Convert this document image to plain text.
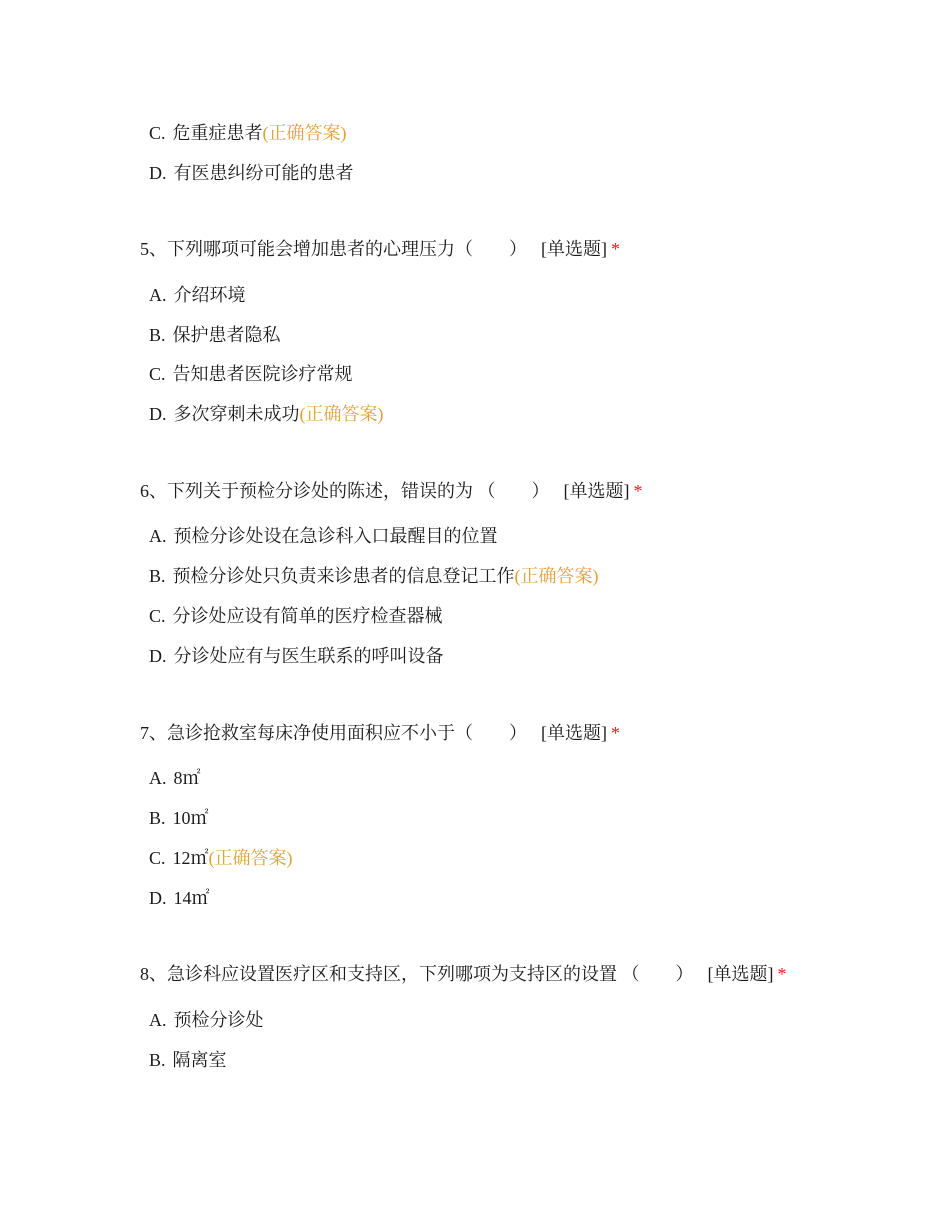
C. 危重症患者(正确答案)
D. 有医患纠纷可能的患者
5、下列哪项可能会增加患者的心理压力（ ） [单选题] *
A. 介绍环境
B. 保护患者隐私
C. 告知患者医院诊疗常规
D. 多次穿刺未成功(正确答案)
6、下列关于预检分诊处的陈述，错误的为 （ ） [单选题] *
A. 预检分诊处设在急诊科入口最醒目的位置
B. 预检分诊处只负责来诊患者的信息登记工作(正确答案)
C. 分诊处应设有简单的医疗检查器械
D. 分诊处应有与医生联系的呼叫设备
7、急诊抢救室每床净使用面积应不小于（ ） [单选题] *
A. 8㎡
B. 10㎡
C. 12㎡(正确答案)
D. 14㎡
8、急诊科应设置医疗区和支持区，下列哪项为支持区的设置 （ ） [单选题] *
A. 预检分诊处
B. 隔离室
